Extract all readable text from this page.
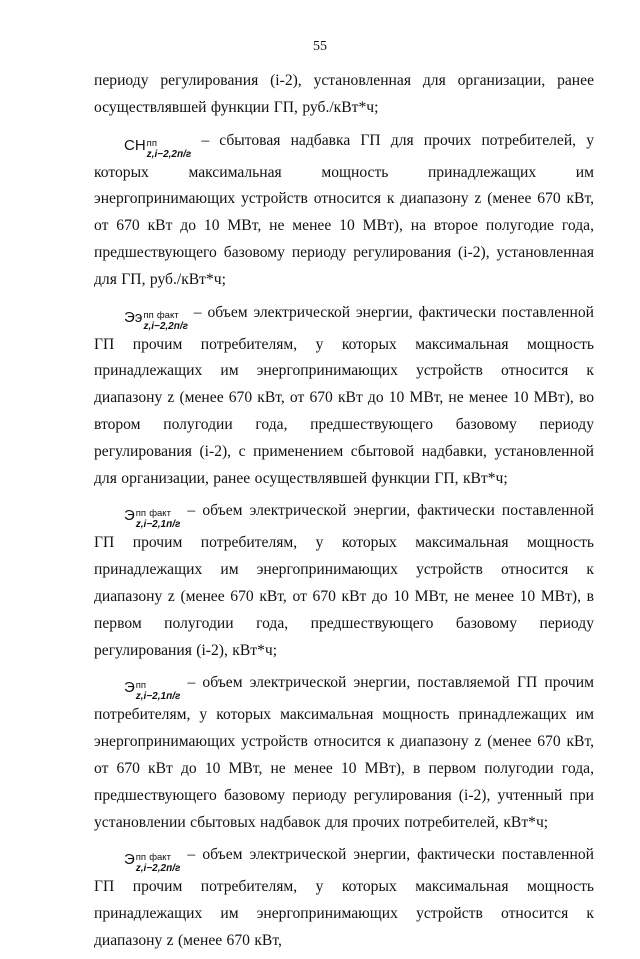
55

периоду регулирования (i-2), установленная для организации, ранее осуществлявшей функции ГП, руб./кВт*ч;

СН пп
z,i−2,2п/г
– сбытовая надбавка ГП для прочих потребителей, у которых максимальная мощность принадлежащих им энергопринимающих устройств относится к диапазону z (менее 670 кВт, от 670 кВт до 10 МВт, не менее 10 МВт), на второе полугодие года, предшествующего базовому периоду регулирования (i-2), установленная для ГП, руб./кВт*ч;

Ээ пп факт
z,i−2,2п/г
– объем электрической энергии, фактически поставленной ГП прочим потребителям, у которых максимальная мощность принадлежащих им энергопринимающих устройств относится к диапазону z (менее 670 кВт, от 670 кВт до 10 МВт, не менее 10 МВт), во втором полугодии года, предшествующего базовому периоду регулирования (i-2), с применением сбытовой надбавки, установленной для организации, ранее осуществлявшей функции ГП, кВт*ч;

Э пп факт
z,i−2,1п/г
– объем электрической энергии, фактически поставленной ГП прочим потребителям, у которых максимальная мощность принадлежащих им энергопринимающих устройств относится к диапазону z (менее 670 кВт, от 670 кВт до 10 МВт, не менее 10 МВт), в первом полугодии года, предшествующего базовому периоду регулирования (i-2), кВт*ч;

Э пп
z,i−2,1п/г
– объем электрической энергии, поставляемой ГП прочим потребителям, у которых максимальная мощность принадлежащих им энергопринимающих устройств относится к диапазону z (менее 670 кВт, от 670 кВт до 10 МВт, не менее 10 МВт), в первом полугодии года, предшествующего базовому периоду регулирования (i-2), учтенный при установлении сбытовых надбавок для прочих потребителей, кВт*ч;

Э пп факт
z,i−2,2п/г
– объем электрической энергии, фактически поставленной ГП прочим потребителям, у которых максимальная мощность принадлежащих им энергопринимающих устройств относится к диапазону z (менее 670 кВт,
